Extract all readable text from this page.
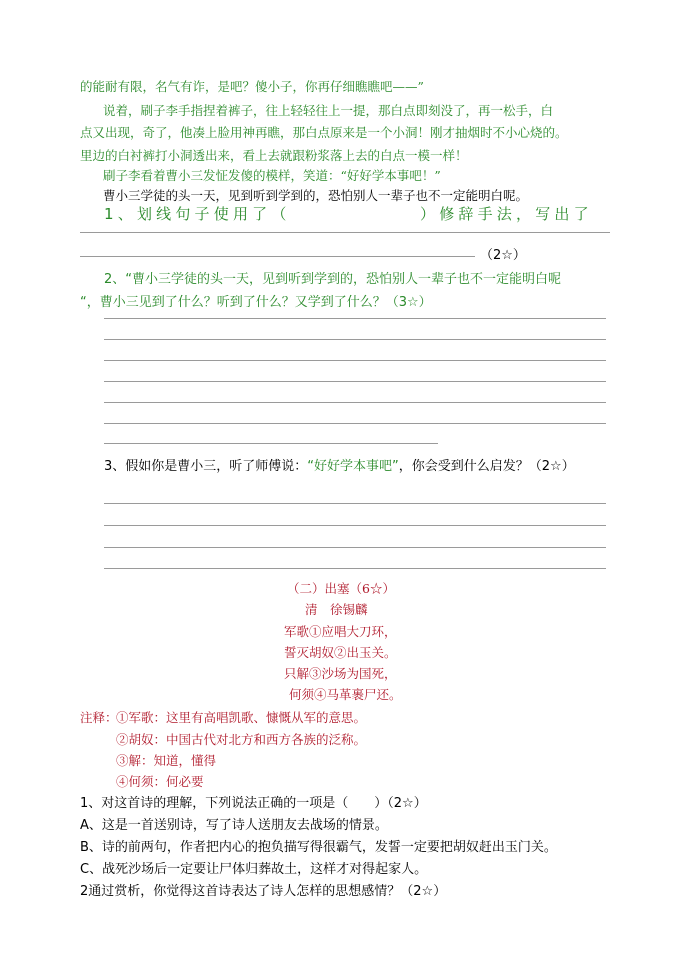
的能耐有限，名气有诈，是吧？傻小子，你再仔细瞧瞧吧——”
说着，刷子李手指捏着裤子，往上轻轻往上一提，那白点即刻没了，再一松手，白
点又出现，奇了，他凑上脸用神再瞧，那白点原来是一个小洞！刚才抽烟时不小心烧的。
里边的白衬裤打小洞透出来，看上去就跟粉浆落上去的白点一模一样！
刷子李看着曹小三发怔发傻的模样，笑道：“好好学本事吧！”
曹小三学徒的头一天，见到听到学到的，恐怕别人一辈子也不一定能明白呢。
1、划线句子使用了（	）修辞手法，写出了
（2☆）
2、“曹小三学徒的头一天，见到听到学到的，恐怕别人一辈子也不一定能明白呢
“，曹小三见到了什么？听到了什么？又学到了什么？（3☆）
3、假如你是曹小三，听了师傅说：“好好学本事吧”，你会受到什么启发？（2☆）
（二）出塞（6☆）
清　徐锡麟
军歌①应唱大刀环，
誓灭胡奴②出玉关。
只解③沙场为国死，
何须④马革裹尸还。
注释：
①军歌：这里有高唱凯歌、慷慨从军的意思。
②胡奴：中国古代对北方和西方各族的泛称。
③解：知道，懂得
④何须：何必要
1、对这首诗的理解，下列说法正确的一项是（　　）（2☆）
A、这是一首送别诗，写了诗人送朋友去战场的情景。
B、诗的前两句，作者把内心的抱负描写得很霸气，发誓一定要把胡奴赶出玉门关。
C、战死沙场后一定要让尸体归葬故土，这样才对得起家人。
2通过赏析，你觉得这首诗表达了诗人怎样的思想感情？（2☆）
